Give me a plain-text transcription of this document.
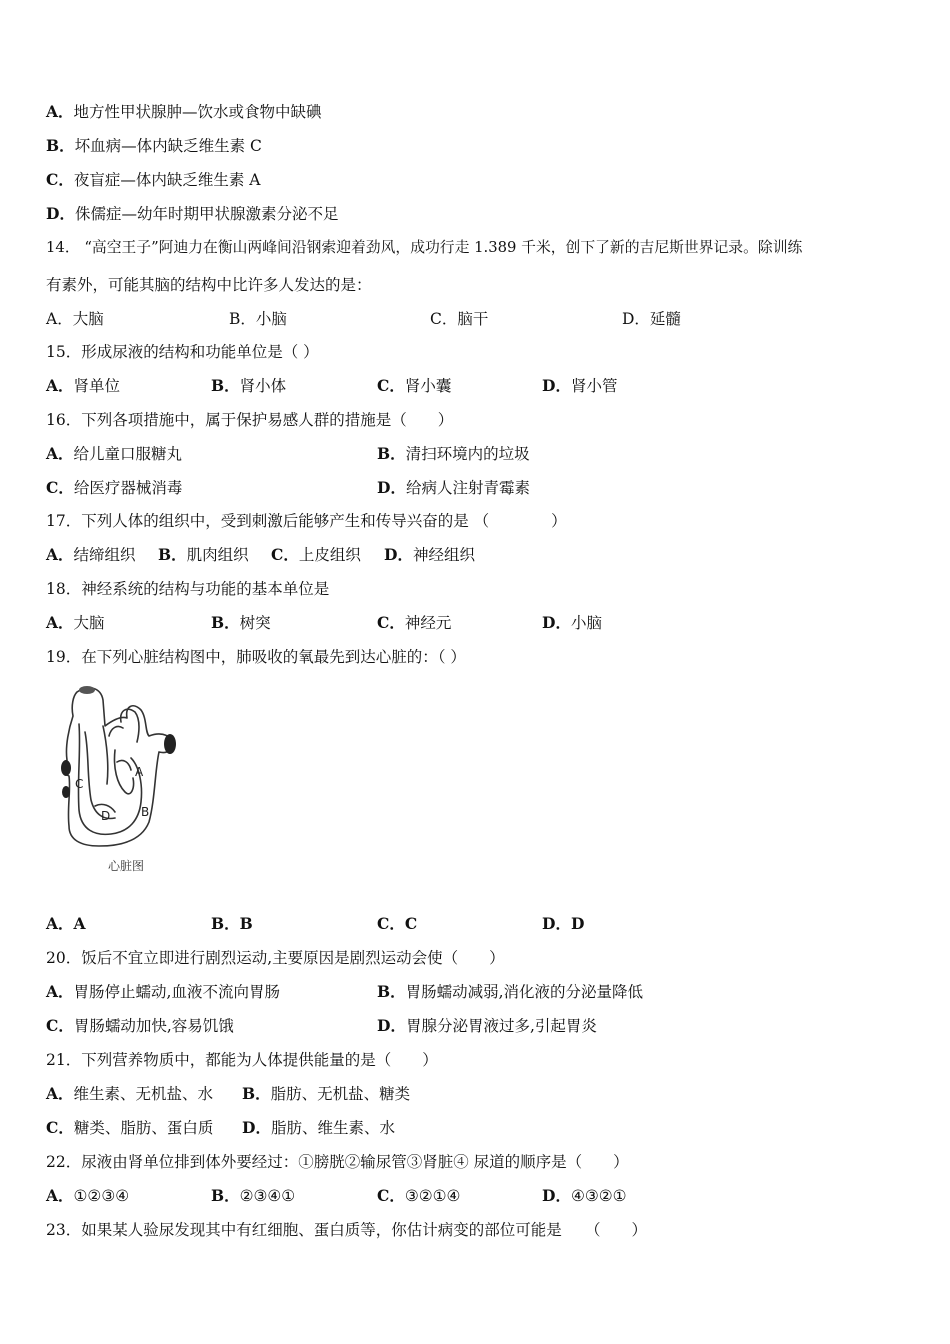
A．地方性甲状腺肿—饮水或食物中缺碘
B．坏血病—体内缺乏维生素 C
C．夜盲症—体内缺乏维生素 A
D．侏儒症—幼年时期甲状腺激素分泌不足
14． “高空王子”阿迪力在衡山两峰间沿钢索迎着劲风，成功行走 1.389 千米，创下了新的吉尼斯世界记录。除训练
有素外，可能其脑的结构中比许多人发达的是：
A．大脑	B．小脑	C．脑干	D．延髓
15．形成尿液的结构和功能单位是（ ）
A．肾单位	B．肾小体	C．肾小囊	D．肾小管
16．下列各项措施中，属于保护易感人群的措施是（　　）
A．给儿童口服糖丸	B．清扫环境内的垃圾
C．给医疗器械消毒	D．给病人注射青霉素
17．下列人体的组织中，受到刺激后能够产生和传导兴奋的是 （　　　　）
A．结缔组织 B．肌肉组织 C．上皮组织 D．神经组织
18．神经系统的结构与功能的基本单位是
A．大脑	B．树突	C．神经元	D．小脑
19．在下列心脏结构图中，肺吸收的氧最先到达心脏的：（ ）
A
B
C
D
心脏图
A．A	B．B	C．C	D．D
20．饭后不宜立即进行剧烈运动,主要原因是剧烈运动会使（　　）
A．胃肠停止蠕动,血液不流向胃肠	B．胃肠蠕动减弱,消化液的分泌量降低
C．胃肠蠕动加快,容易饥饿	D．胃腺分泌胃液过多,引起胃炎
21．下列营养物质中，都能为人体提供能量的是（　　）
A．维生素、无机盐、水 B．脂肪、无机盐、糖类
C．糖类、脂肪、蛋白质 D．脂肪、维生素、水
22．尿液由肾单位排到体外要经过：①膀胱②输尿管③肾脏④ 尿道的顺序是（　　）
A．①②③④	B．②③④①	C．③②①④	D．④③②①
23．如果某人验尿发现其中有红细胞、蛋白质等，你估计病变的部位可能是　　（　　）
